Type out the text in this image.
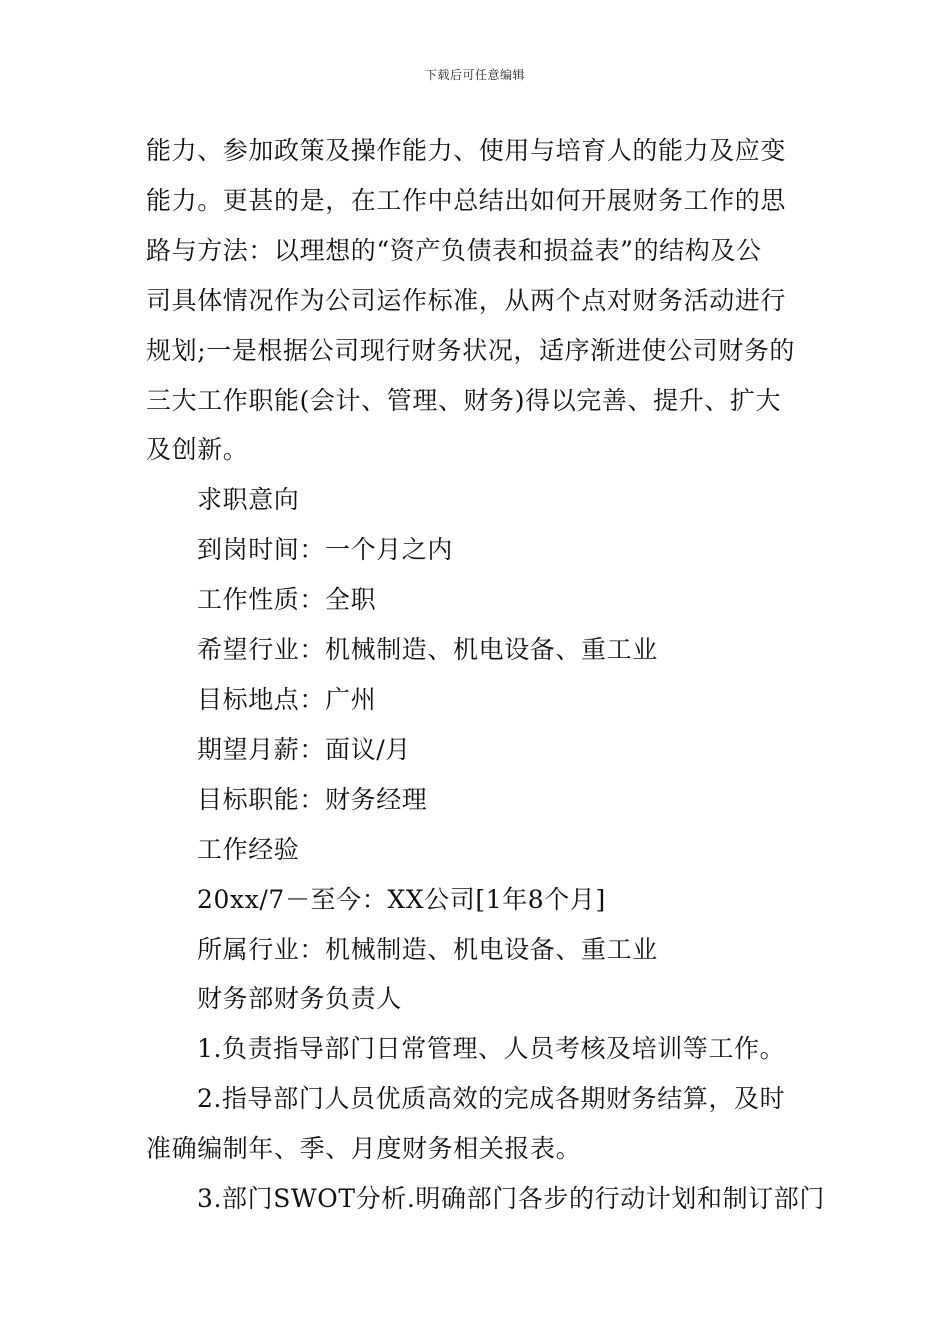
下载后可任意编辑

能力、参加政策及操作能力、使用与培育人的能力及应变

能力。更甚的是，在工作中总结出如何开展财务工作的思

路与方法：以理想的“资产负债表和损益表”的结构及公

司具体情况作为公司运作标准，从两个点对财务活动进行

规划;一是根据公司现行财务状况，适序渐进使公司财务的

三大工作职能(会计、管理、财务)得以完善、提升、扩大

及创新。

求职意向

到岗时间：一个月之内

工作性质：全职

希望行业：机械制造、机电设备、重工业

目标地点：广州

期望月薪：面议/月

目标职能：财务经理

工作经验

20xx/7－至今：XX公司[1年8个月]

所属行业：机械制造、机电设备、重工业

财务部财务负责人

1.负责指导部门日常管理、人员考核及培训等工作。

2.指导部门人员优质高效的完成各期财务结算，及时

准确编制年、季、月度财务相关报表。

3.部门SWOT分析.明确部门各步的行动计划和制订部门
